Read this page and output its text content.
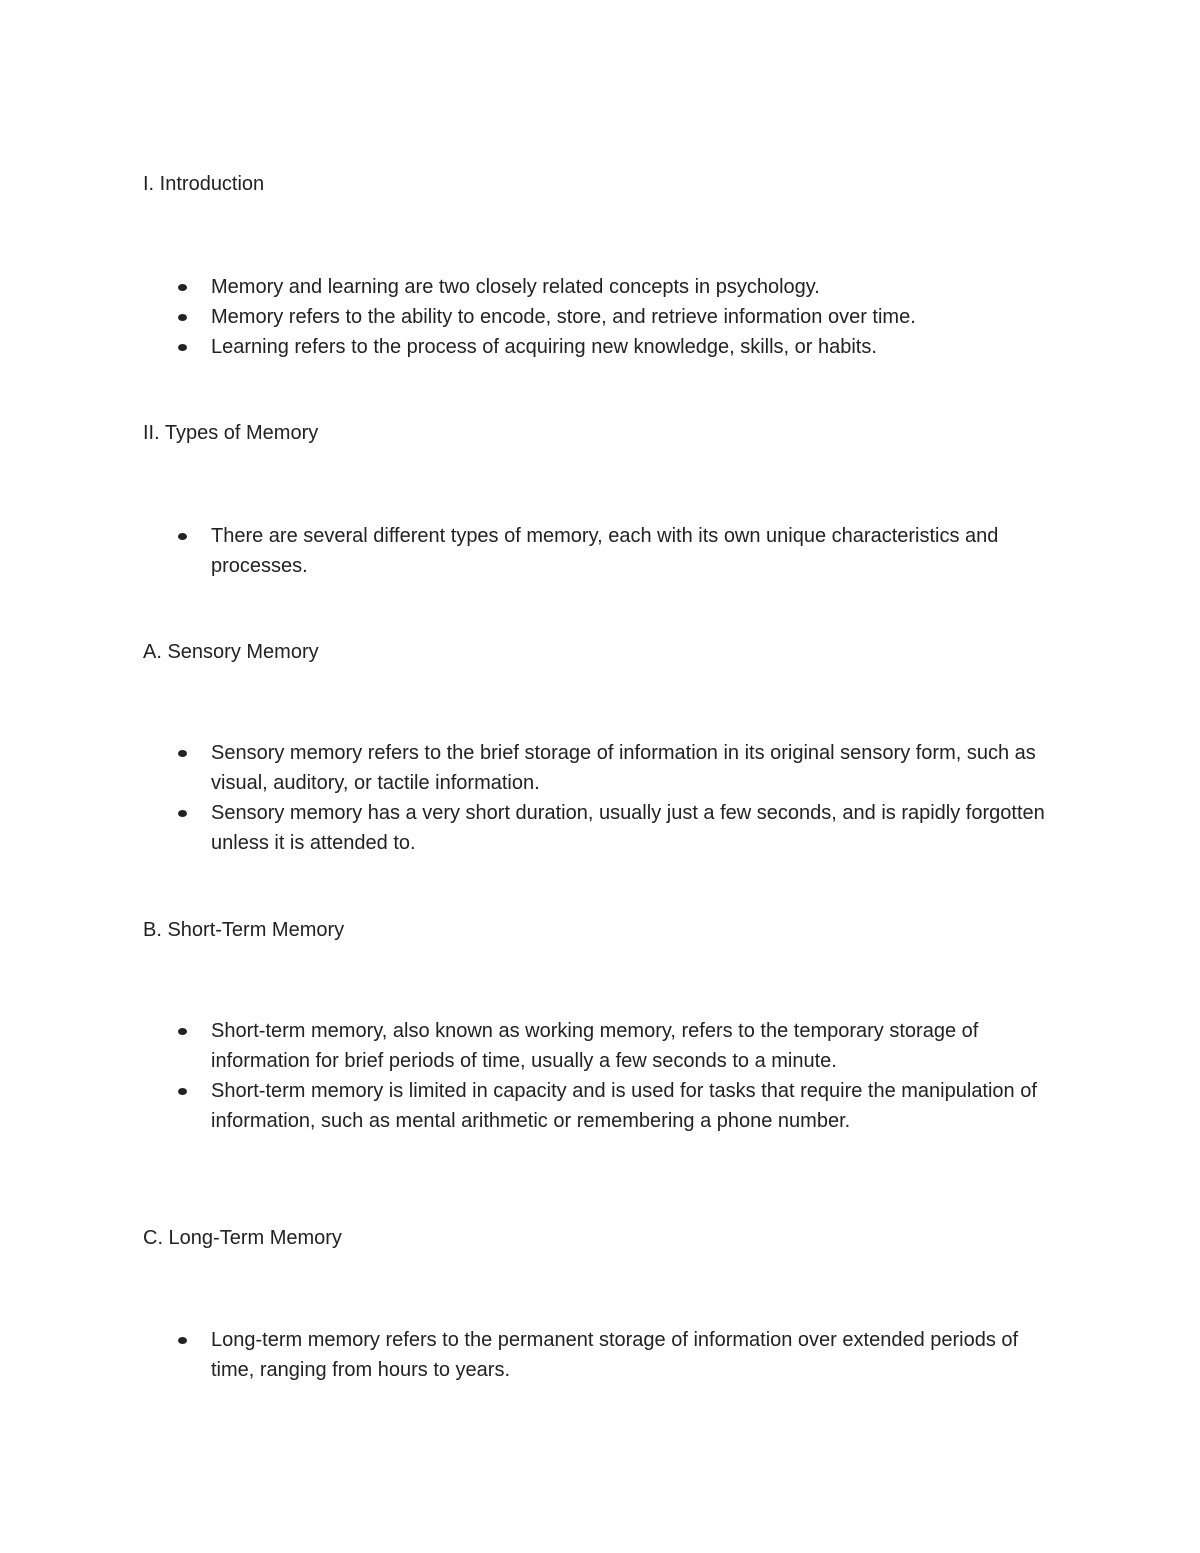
I. Introduction
Memory and learning are two closely related concepts in psychology.
Memory refers to the ability to encode, store, and retrieve information over time.
Learning refers to the process of acquiring new knowledge, skills, or habits.
II. Types of Memory
There are several different types of memory, each with its own unique characteristics and processes.
A. Sensory Memory
Sensory memory refers to the brief storage of information in its original sensory form, such as visual, auditory, or tactile information.
Sensory memory has a very short duration, usually just a few seconds, and is rapidly forgotten unless it is attended to.
B. Short-Term Memory
Short-term memory, also known as working memory, refers to the temporary storage of information for brief periods of time, usually a few seconds to a minute.
Short-term memory is limited in capacity and is used for tasks that require the manipulation of information, such as mental arithmetic or remembering a phone number.
C. Long-Term Memory
Long-term memory refers to the permanent storage of information over extended periods of time, ranging from hours to years.
